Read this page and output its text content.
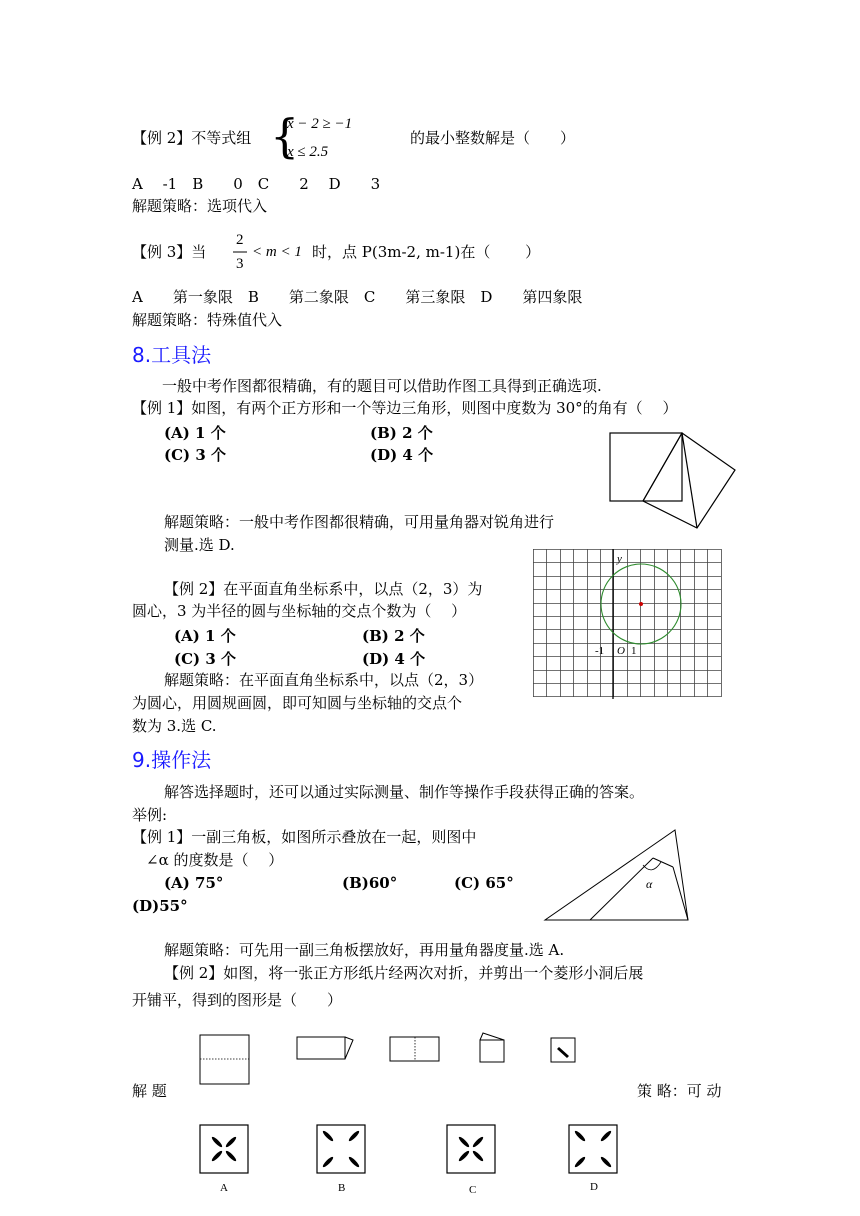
【例 2】不等式组 {
x − 2 ≥ −1
x ≤ 2.5
的最小整数解是（　　）
A　 -1　B　　0　C　　2　 D　　3
解题策略：选项代入
【例 3】当
2
3
< m < 1 时，点 P(3m-2, m-1)在（　　 ）
A　　第一象限　B　　第二象限　C　　第三象限　D　　第四象限
解题策略：特殊值代入
8.工具法
一般中考作图都很精确，有的题目可以借助作图工具得到正确选项.
【例 1】如图，有两个正方形和一个等边三角形，则图中度数为 30°的角有（　 ）
(A) 1 个	(B) 2 个
(C) 3 个	(D) 4 个
解题策略：一般中考作图都很精确，可用量角器对锐角进行
测量.选 D.
【例 2】在平面直角坐标系中，以点（2，3）为
圆心，3 为半径的圆与坐标轴的交点个数为（　 ）
(A) 1 个	(B) 2 个
(C) 3 个	(D) 4 个
解题策略：在平面直角坐标系中，以点（2，3）
为圆心，用圆规画圆，即可知圆与坐标轴的交点个
数为 3.选 C.
y
O
-1 1
9.操作法
解答选择题时，还可以通过实际测量、制作等操作手段获得正确的答案。
举例:
【例 1】一副三角板，如图所示叠放在一起，则图中
∠α 的度数是（　 ）
(A) 75°	(B)60°	(C) 65°
(D)55°
α
解题策略：可先用一副三角板摆放好，再用量角器度量.选 A.
【例 2】如图，将一张正方形纸片经两次对折，并剪出一个菱形小洞后展
开铺平，得到的图形是（　　）
解 题	策 略：可 动
A	B	C	D
